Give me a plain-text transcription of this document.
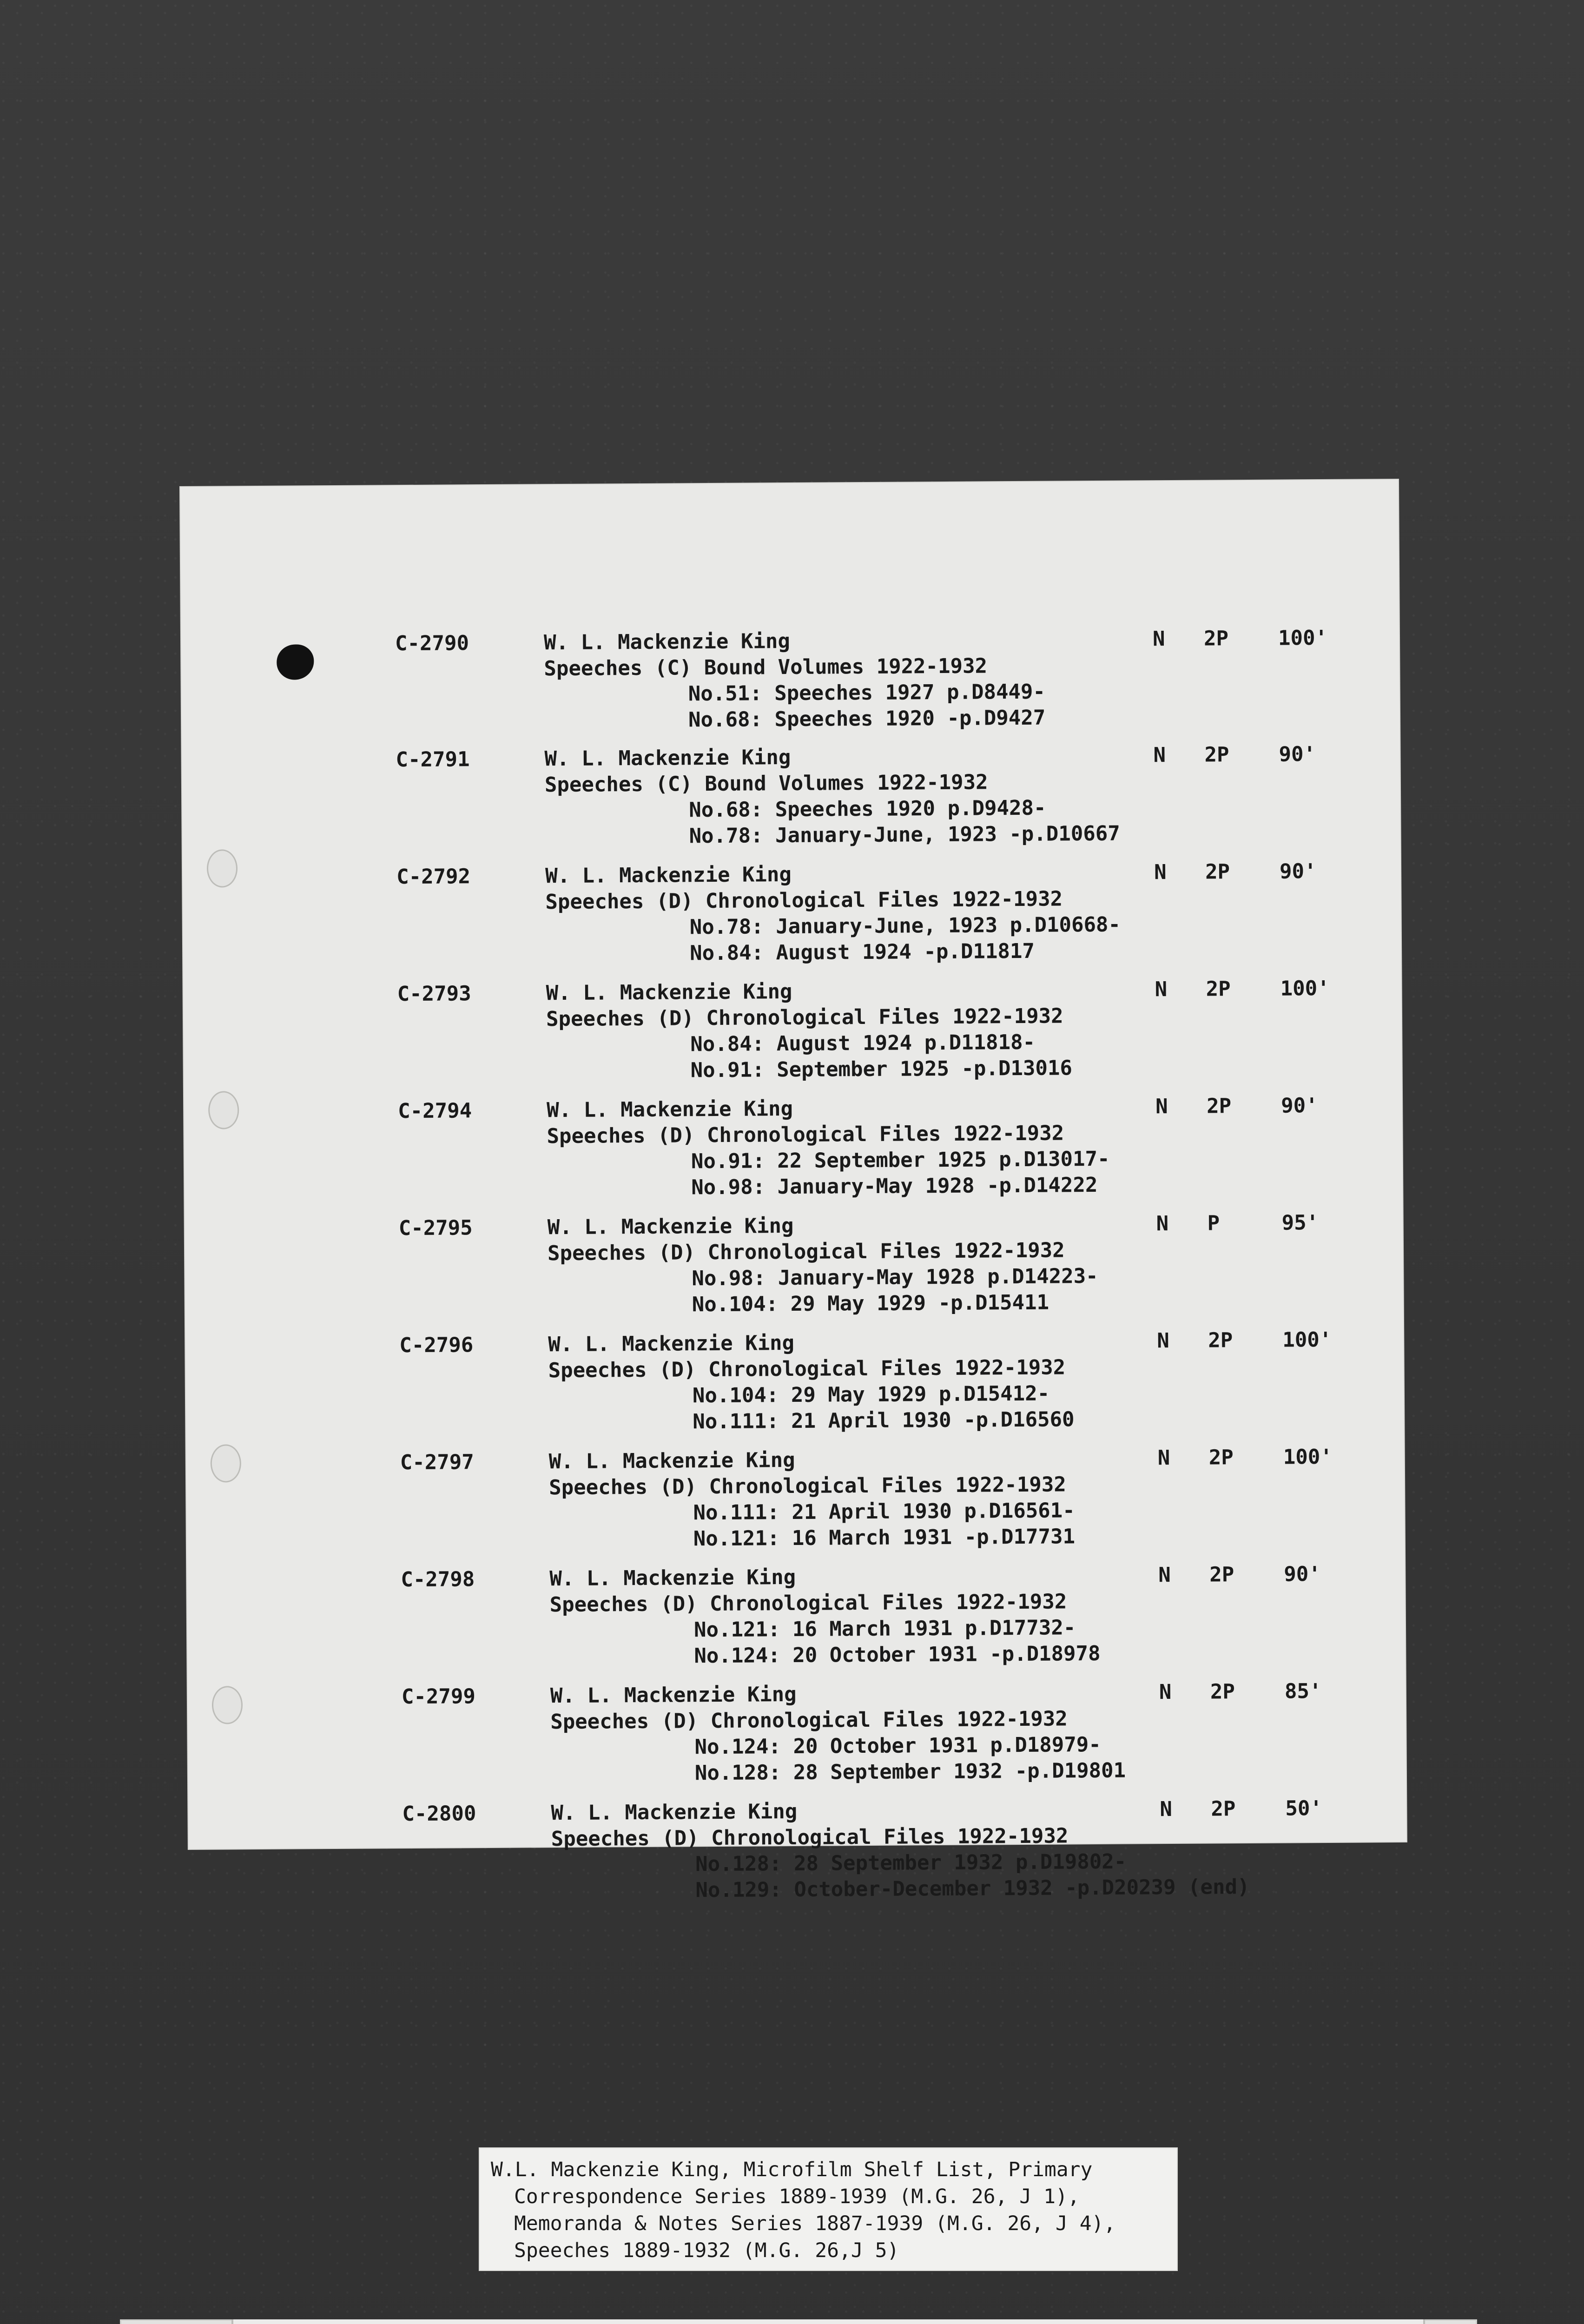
C-2790	W. L. Mackenzie King
Speeches (C) Bound Volumes 1922-1932
No.51: Speeches 1927 p.D8449-
No.68: Speeches 1920 -p.D9427
N 2P 100'
C-2791	W. L. Mackenzie King
Speeches (C) Bound Volumes 1922-1932
No.68: Speeches 1920 p.D9428-
No.78: January-June, 1923 -p.D10667
N 2P 90'
C-2792	W. L. Mackenzie King
Speeches (D) Chronological Files 1922-1932
No.78: January-June, 1923 p.D10668-
No.84: August 1924 -p.D11817
N 2P 90'
C-2793	W. L. Mackenzie King
Speeches (D) Chronological Files 1922-1932
No.84: August 1924 p.D11818-
No.91: September 1925 -p.D13016
N 2P 100'
C-2794	W. L. Mackenzie King
Speeches (D) Chronological Files 1922-1932
No.91: 22 September 1925 p.D13017-
No.98: January-May 1928 -p.D14222
N 2P 90'
C-2795	W. L. Mackenzie King
Speeches (D) Chronological Files 1922-1932
No.98: January-May 1928 p.D14223-
No.104: 29 May 1929 -p.D15411
N P	95'
C-2796	W. L. Mackenzie King
Speeches (D) Chronological Files 1922-1932
No.104: 29 May 1929 p.D15412-
No.111: 21 April 1930 -p.D16560
N 2P 100'
C-2797	W. L. Mackenzie King
Speeches (D) Chronological Files 1922-1932
No.111: 21 April 1930 p.D16561-
No.121: 16 March 1931 -p.D17731
N 2P 100'
C-2798	W. L. Mackenzie King
Speeches (D) Chronological Files 1922-1932
No.121: 16 March 1931 p.D17732-
No.124: 20 October 1931 -p.D18978
N 2P 90'
C-2799	W. L. Mackenzie King
Speeches (D) Chronological Files 1922-1932
No.124: 20 October 1931 p.D18979-
No.128: 28 September 1932 -p.D19801
N 2P 85'
C-2800	W. L. Mackenzie King
Speeches (D) Chronological Files 1922-1932
No.128: 28 September 1932 p.D19802-
No.129: October-December 1932 -p.D20239 (end)
N 2P 50'
W.L. Mackenzie King, Microfilm Shelf List, Primary
Correspondence Series 1889-1939 (M.G. 26, J 1),
Memoranda & Notes Series 1887-1939 (M.G. 26, J 4),
Speeches 1889-1932 (M.G. 26,J 5)
